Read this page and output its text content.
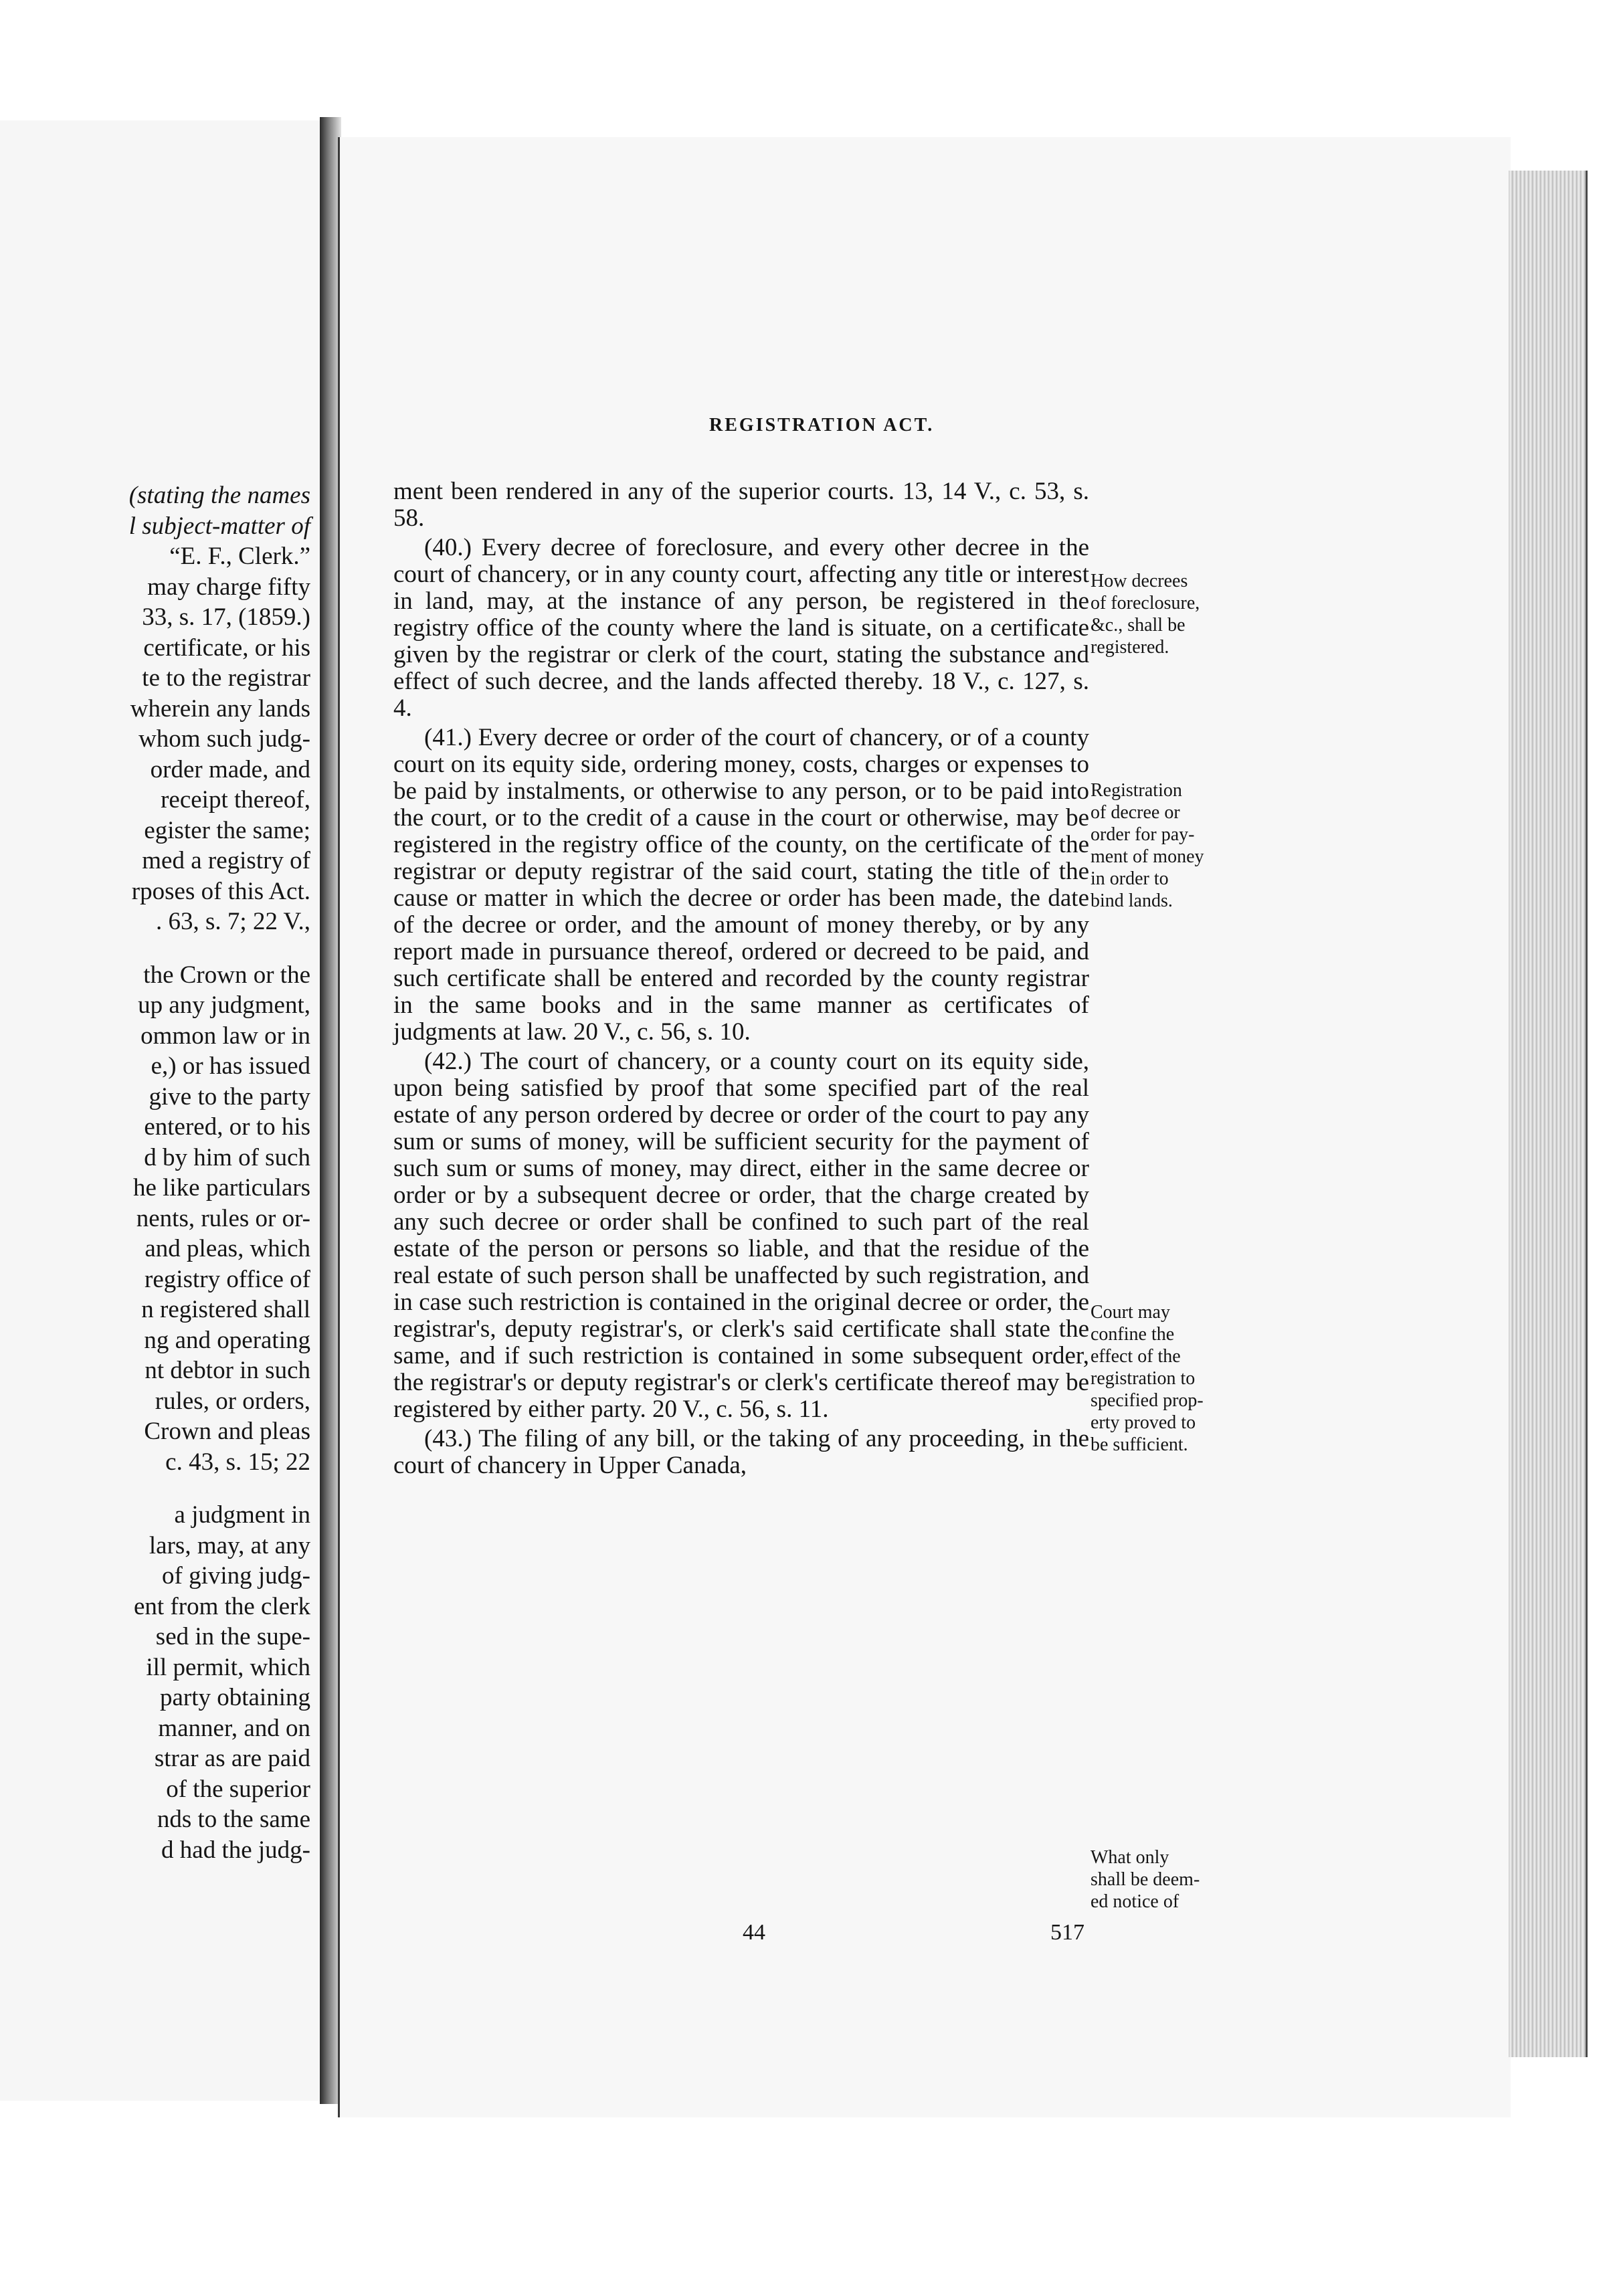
(stating the names
l subject-matter of
“E. F., Clerk.”
may charge fifty
33, s. 17, (1859.)
certificate, or his
te to the registrar
wherein any lands
whom such judg-
order made, and
receipt thereof,
egister the same;
med a registry of
rposes of this Act.
. 63, s. 7; 22 V.,
the Crown or the
up any judgment,
ommon law or in
e,) or has issued
give to the party
entered, or to his
d by him of such
he like particulars
nents, rules or or-
and pleas, which
registry office of
n registered shall
ng and operating
nt debtor in such
rules, or orders,
Crown and pleas
c. 43, s. 15; 22
a judgment in
lars, may, at any
of giving judg-
ent from the clerk
sed in the supe-
ill permit, which
party obtaining
manner, and on
strar as are paid
of the superior
nds to the same
d had the judg-
REGISTRATION ACT.

ment been rendered in any of the superior courts. 13, 14 V., c. 53, s. 58.

(40.) Every decree of foreclosure, and every other decree in the court of chancery, or in any county court, affecting any title or interest in land, may, at the instance of any person, be registered in the registry office of the county where the land is situate, on a certificate given by the registrar or clerk of the court, stating the substance and effect of such decree, and the lands affected thereby. 18 V., c. 127, s. 4.

(41.) Every decree or order of the court of chancery, or of a county court on its equity side, ordering money, costs, charges or expenses to be paid by instalments, or otherwise to any person, or to be paid into the court, or to the credit of a cause in the court or otherwise, may be registered in the registry office of the county, on the certificate of the registrar or deputy registrar of the said court, stating the title of the cause or matter in which the decree or order has been made, the date of the decree or order, and the amount of money thereby, or by any report made in pursuance thereof, ordered or decreed to be paid, and such certificate shall be entered and recorded by the county registrar in the same books and in the same manner as certificates of judgments at law. 20 V., c. 56, s. 10.

(42.) The court of chancery, or a county court on its equity side, upon being satisfied by proof that some specified part of the real estate of any person ordered by decree or order of the court to pay any sum or sums of money, will be sufficient security for the payment of such sum or sums of money, may direct, either in the same decree or order or by a subsequent decree or order, that the charge created by any such decree or order shall be confined to such part of the real estate of the person or persons so liable, and that the residue of the real estate of such person shall be unaffected by such registration, and in case such restriction is contained in the original decree or order, the registrar's, deputy registrar's, or clerk's said certificate shall state the same, and if such restriction is contained in some subsequent order, the registrar's or deputy registrar's or clerk's certificate thereof may be registered by either party. 20 V., c. 56, s. 11.

(43.) The filing of any bill, or the taking of any proceeding, in the court of chancery in Upper Canada,

How decrees
of foreclosure,
&c., shall be
registered.
Registration
of decree or
order for pay-
ment of money
in order to
bind lands.
Court may
confine the
effect of the
registration to
specified prop-
erty proved to
be sufficient.
What only
shall be deem-
ed notice of
44	517
